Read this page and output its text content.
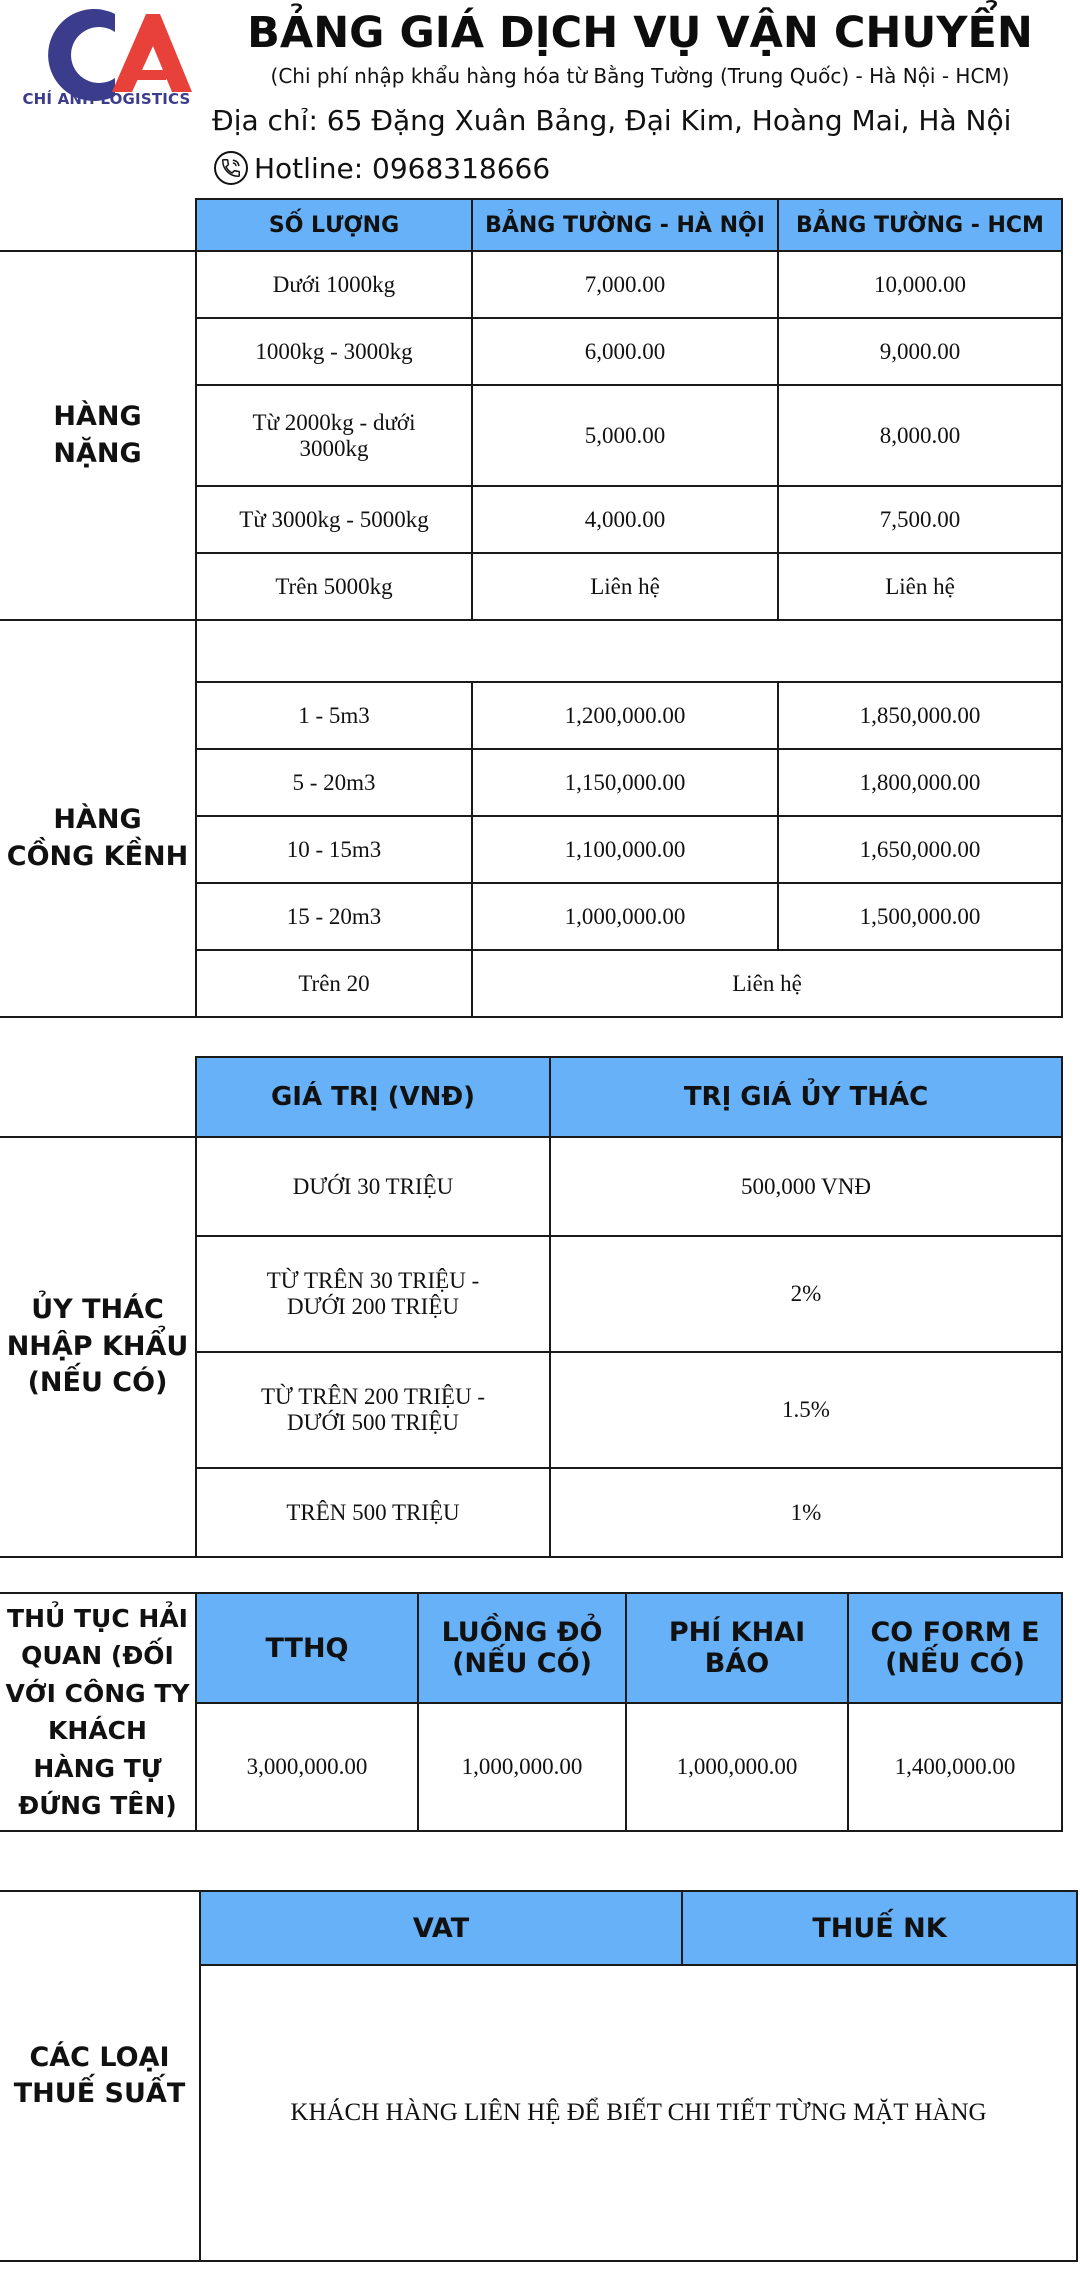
CHÍ ANH LOGISTICS
BẢNG GIÁ DỊCH VỤ VẬN CHUYỂN
(Chi phí nhập khẩu hàng hóa từ Bằng Tường (Trung Quốc) - Hà Nội - HCM)
Địa chỉ: 65 Đặng Xuân Bảng, Đại Kim, Hoàng Mai, Hà Nội
Hotline: 0968318666
	SỐ LƯỢNG	BẢNG TƯỜNG - HÀ NỘI	BẢNG TƯỜNG - HCM
HÀNG NẶNG	Dưới 1000kg	7,000.00	10,000.00
	1000kg - 3000kg	6,000.00	9,000.00
	Từ 2000kg - dưới 3000kg	5,000.00	8,000.00
	Từ 3000kg - 5000kg	4,000.00	7,500.00
	Trên 5000kg	Liên hệ	Liên hệ
HÀNG CỒNG KỀNH			
	1 - 5m3	1,200,000.00	1,850,000.00
	5 - 20m3	1,150,000.00	1,800,000.00
	10 - 15m3	1,100,000.00	1,650,000.00
	15 - 20m3	1,000,000.00	1,500,000.00
	Trên 20	Liên hệ	
	GIÁ TRỊ (VNĐ)	TRỊ GIÁ ỦY THÁC
ỦY THÁC NHẬP KHẨU (NẾU CÓ)	DƯỚI 30 TRIỆU	500,000 VNĐ
	TỪ TRÊN 30 TRIỆU - DƯỚI 200 TRIỆU	2%
	TỪ TRÊN 200 TRIỆU - DƯỚI 500 TRIỆU	1.5%
	TRÊN 500 TRIỆU	1%
THỦ TỤC HẢI QUAN (ĐỐI VỚI CÔNG TY KHÁCH HÀNG TỰ ĐỨNG TÊN)	TTHQ	LUỒNG ĐỎ (NẾU CÓ)	PHÍ KHAI BÁO	CO FORM E (NẾU CÓ)
	3,000,000.00	1,000,000.00	1,000,000.00	1,400,000.00
CÁC LOẠI THUẾ SUẤT	VAT	THUẾ NK
KHÁCH HÀNG LIÊN HỆ ĐỂ BIẾT CHI TIẾT TỪNG MẶT HÀNG
